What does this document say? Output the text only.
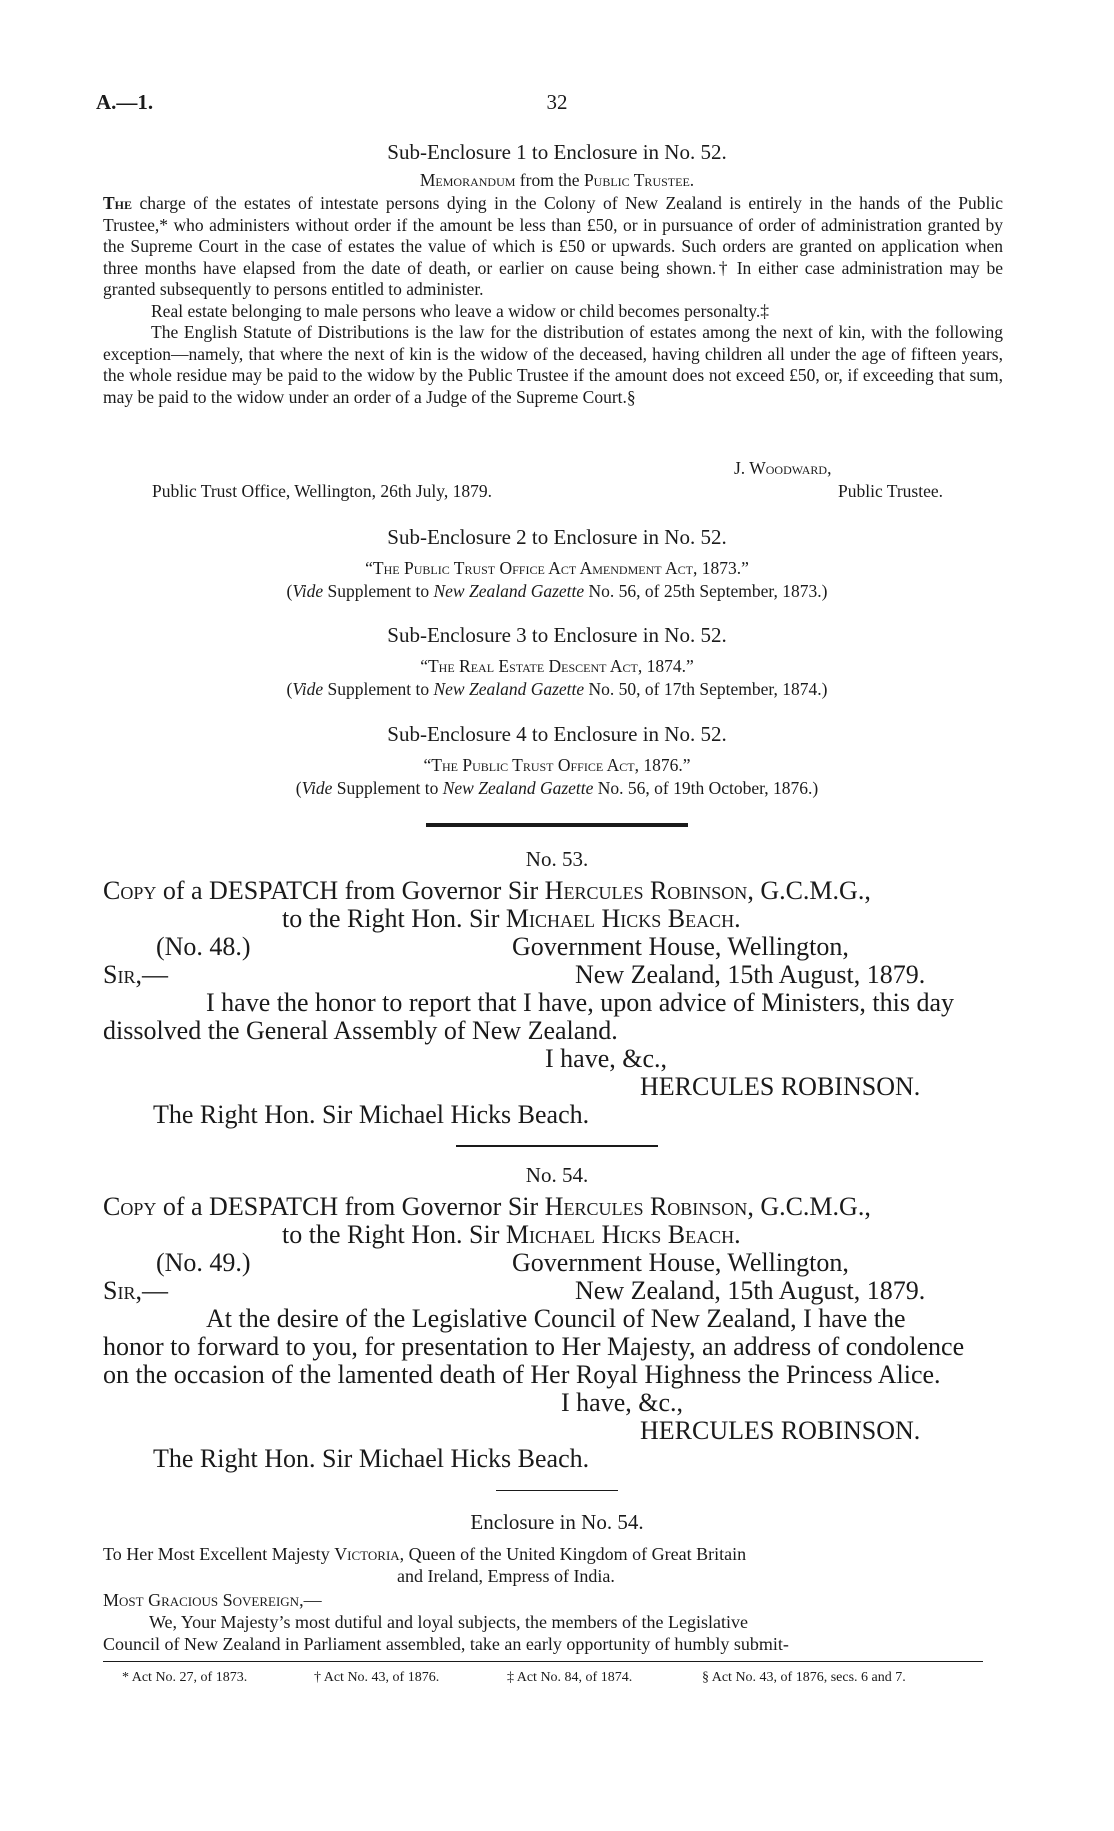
A.—1.	32
Sub-Enclosure 1 to Enclosure in No. 52.
Memorandum from the Public Trustee.

The charge of the estates of intestate persons dying in the Colony of New Zealand is entirely in the hands of the Public Trustee,* who administers without order if the amount be less than £50, or in pursuance of order of administration granted by the Supreme Court in the case of estates the value of which is £50 or upwards. Such orders are granted on application when three months have elapsed from the date of death, or earlier on cause being shown.† In either case administration may be granted subsequently to persons entitled to administer.

Real estate belonging to male persons who leave a widow or child becomes personalty.‡

The English Statute of Distributions is the law for the distribution of estates among the next of kin, with the following exception—namely, that where the next of kin is the widow of the deceased, having children all under the age of fifteen years, the whole residue may be paid to the widow by the Public Trustee if the amount does not exceed £50, or, if exceeding that sum, may be paid to the widow under an order of a Judge of the Supreme Court.§

J. Woodward,
Public Trust Office, Wellington, 26th July, 1879.	Public Trustee.
Sub-Enclosure 2 to Enclosure in No. 52.
“The Public Trust Office Act Amendment Act, 1873.”
(Vide Supplement to New Zealand Gazette No. 56, of 25th September, 1873.)
Sub-Enclosure 3 to Enclosure in No. 52.
“The Real Estate Descent Act, 1874.”
(Vide Supplement to New Zealand Gazette No. 50, of 17th September, 1874.)
Sub-Enclosure 4 to Enclosure in No. 52.
“The Public Trust Office Act, 1876.”
(Vide Supplement to New Zealand Gazette No. 56, of 19th October, 1876.)
No. 53.
Copy of a DESPATCH from Governor Sir Hercules Robinson, G.C.M.G.,
to the Right Hon. Sir Michael Hicks Beach.
(No. 48.)	Government House, Wellington,
Sir,—	New Zealand, 15th August, 1879.
I have the honor to report that I have, upon advice of Ministers, this day
dissolved the General Assembly of New Zealand.
I have, &c.,
HERCULES ROBINSON.
The Right Hon. Sir Michael Hicks Beach.
No. 54.
Copy of a DESPATCH from Governor Sir Hercules Robinson, G.C.M.G.,
to the Right Hon. Sir Michael Hicks Beach.
(No. 49.)	Government House, Wellington,
Sir,—	New Zealand, 15th August, 1879.
At the desire of the Legislative Council of New Zealand, I have the
honor to forward to you, for presentation to Her Majesty, an address of condolence
on the occasion of the lamented death of Her Royal Highness the Princess Alice.
I have, &c.,
HERCULES ROBINSON.
The Right Hon. Sir Michael Hicks Beach.
Enclosure in No. 54.
To Her Most Excellent Majesty Victoria, Queen of the United Kingdom of Great Britain
and Ireland, Empress of India.
Most Gracious Sovereign,—
We, Your Majesty’s most dutiful and loyal subjects, the members of the Legislative
Council of New Zealand in Parliament assembled, take an early opportunity of humbly submit-
* Act No. 27, of 1873.	† Act No. 43, of 1876.	‡ Act No. 84, of 1874.	§ Act No. 43, of 1876, secs. 6 and 7.
